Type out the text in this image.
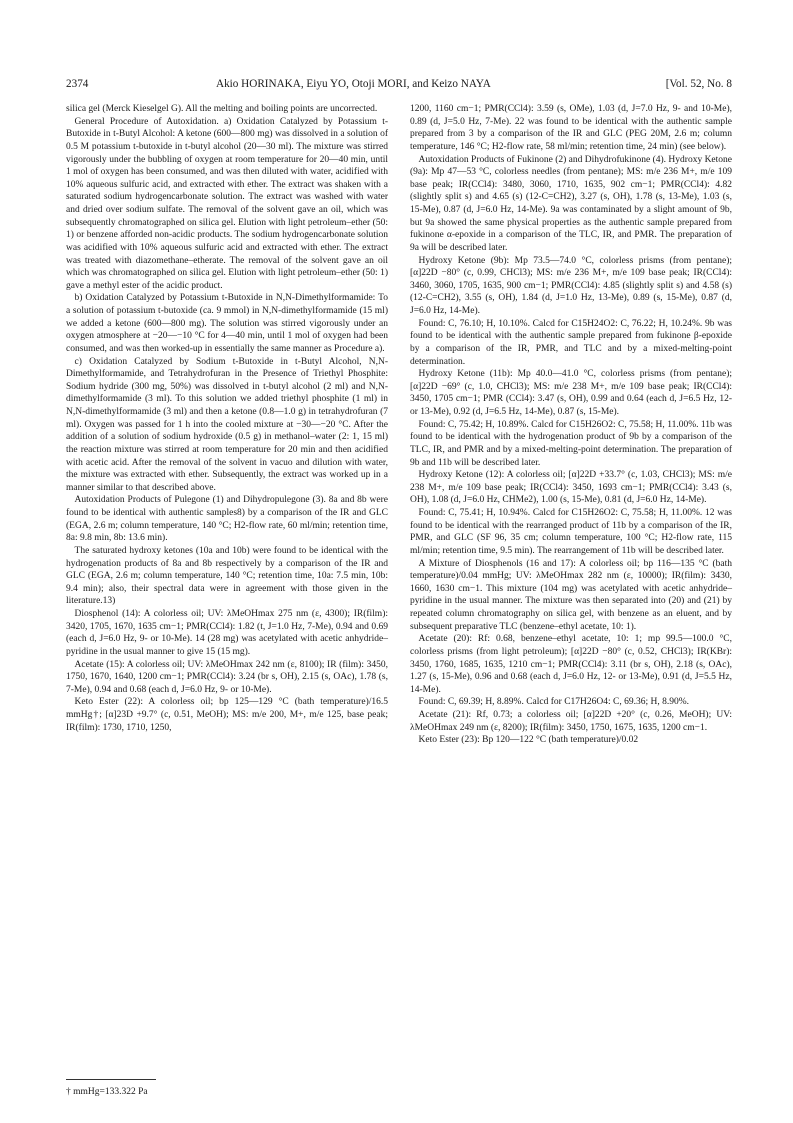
2374	Akio HORINAKA, Eiyu YO, Otoji MORI, and Keizo NAYA	[Vol. 52, No. 8

silica gel (Merck Kieselgel G). All the melting and boiling points are uncorrected.

General Procedure of Autoxidation. a) Oxidation Catalyzed by Potassium t-Butoxide in t-Butyl Alcohol: A ketone (600—800 mg) was dissolved in a solution of 0.5 M potassium t-butoxide in t-butyl alcohol (20—30 ml). The mixture was stirred vigorously under the bubbling of oxygen at room temperature for 20—40 min, until 1 mol of oxygen has been consumed, and was then diluted with water, acidified with 10% aqueous sulfuric acid, and extracted with ether. The extract was shaken with a saturated sodium hydrogencarbonate solution. The extract was washed with water and dried over sodium sulfate. The removal of the solvent gave an oil, which was subsequently chromatographed on silica gel. Elution with light petroleum–ether (50: 1) or benzene afforded non-acidic products. The sodium hydrogencarbonate solution was acidified with 10% aqueous sulfuric acid and extracted with ether. The extract was treated with diazomethane–etherate. The removal of the solvent gave an oil which was chromatographed on silica gel. Elution with light petroleum–ether (50: 1) gave a methyl ester of the acidic product.

b) Oxidation Catalyzed by Potassium t-Butoxide in N,N-Dimethylformamide: To a solution of potassium t-butoxide (ca. 9 mmol) in N,N-dimethylformamide (15 ml) we added a ketone (600—800 mg). The solution was stirred vigorously under an oxygen atmosphere at −20—−10 °C for 4—40 min, until 1 mol of oxygen had been consumed, and was then worked-up in essentially the same manner as Procedure a).

c) Oxidation Catalyzed by Sodium t-Butoxide in t-Butyl Alcohol, N,N-Dimethylformamide, and Tetrahydrofuran in the Presence of Triethyl Phosphite: Sodium hydride (300 mg, 50%) was dissolved in t-butyl alcohol (2 ml) and N,N-dimethylformamide (3 ml). To this solution we added triethyl phosphite (1 ml) in N,N-dimethylformamide (3 ml) and then a ketone (0.8—1.0 g) in tetrahydrofuran (7 ml). Oxygen was passed for 1 h into the cooled mixture at −30—−20 °C. After the addition of a solution of sodium hydroxide (0.5 g) in methanol–water (2: 1, 15 ml) the reaction mixture was stirred at room temperature for 20 min and then acidified with acetic acid. After the removal of the solvent in vacuo and dilution with water, the mixture was extracted with ether. Subsequently, the extract was worked up in a manner similar to that described above.

Autoxidation Products of Pulegone (1) and Dihydropulegone (3). 8a and 8b were found to be identical with authentic samples8) by a comparison of the IR and GLC (EGA, 2.6 m; column temperature, 140 °C; H2-flow rate, 60 ml/min; retention time, 8a: 9.8 min, 8b: 13.6 min).

The saturated hydroxy ketones (10a and 10b) were found to be identical with the hydrogenation products of 8a and 8b respectively by a comparison of the IR and GLC (EGA, 2.6 m; column temperature, 140 °C; retention time, 10a: 7.5 min, 10b: 9.4 min); also, their spectral data were in agreement with those given in the literature.13)

Diosphenol (14): A colorless oil; UV: λMeOHmax 275 nm (ε, 4300); IR(film): 3420, 1705, 1670, 1635 cm−1; PMR(CCl4): 1.82 (t, J=1.0 Hz, 7-Me), 0.94 and 0.69 (each d, J=6.0 Hz, 9- or 10-Me). 14 (28 mg) was acetylated with acetic anhydride–pyridine in the usual manner to give 15 (15 mg).

Acetate (15): A colorless oil; UV: λMeOHmax 242 nm (ε, 8100); IR (film): 3450, 1750, 1670, 1640, 1200 cm−1; PMR(CCl4): 3.24 (br s, OH), 2.15 (s, OAc), 1.78 (s, 7-Me), 0.94 and 0.68 (each d, J=6.0 Hz, 9- or 10-Me).

Keto Ester (22): A colorless oil; bp 125—129 °C (bath temperature)/16.5 mmHg†; [α]23D +9.7° (c, 0.51, MeOH); MS: m/e 200, M+, m/e 125, base peak; IR(film): 1730, 1710, 1250,

1200, 1160 cm−1; PMR(CCl4): 3.59 (s, OMe), 1.03 (d, J=7.0 Hz, 9- and 10-Me), 0.89 (d, J=5.0 Hz, 7-Me). 22 was found to be identical with the authentic sample prepared from 3 by a comparison of the IR and GLC (PEG 20M, 2.6 m; column temperature, 146 °C; H2-flow rate, 58 ml/min; retention time, 24 min) (see below).

Autoxidation Products of Fukinone (2) and Dihydrofukinone (4). Hydroxy Ketone (9a): Mp 47—53 °C, colorless needles (from pentane); MS: m/e 236 M+, m/e 109 base peak; IR(CCl4): 3480, 3060, 1710, 1635, 902 cm−1; PMR(CCl4): 4.82 (slightly split s) and 4.65 (s) (12-C=CH2), 3.27 (s, OH), 1.78 (s, 13-Me), 1.03 (s, 15-Me), 0.87 (d, J=6.0 Hz, 14-Me). 9a was contaminated by a slight amount of 9b, but 9a showed the same physical properties as the authentic sample prepared from fukinone α-epoxide in a comparison of the TLC, IR, and PMR. The preparation of 9a will be described later.

Hydroxy Ketone (9b): Mp 73.5—74.0 °C, colorless prisms (from pentane); [α]22D −80° (c, 0.99, CHCl3); MS: m/e 236 M+, m/e 109 base peak; IR(CCl4): 3460, 3060, 1705, 1635, 900 cm−1; PMR(CCl4): 4.85 (slightly split s) and 4.58 (s) (12-C=CH2), 3.55 (s, OH), 1.84 (d, J=1.0 Hz, 13-Me), 0.89 (s, 15-Me), 0.87 (d, J=6.0 Hz, 14-Me).

Found: C, 76.10; H, 10.10%. Calcd for C15H24O2: C, 76.22; H, 10.24%. 9b was found to be identical with the authentic sample prepared from fukinone β-epoxide by a comparison of the IR, PMR, and TLC and by a mixed-melting-point determination.

Hydroxy Ketone (11b): Mp 40.0—41.0 °C, colorless prisms (from pentane); [α]22D −69° (c, 1.0, CHCl3); MS: m/e 238 M+, m/e 109 base peak; IR(CCl4): 3450, 1705 cm−1; PMR (CCl4): 3.47 (s, OH), 0.99 and 0.64 (each d, J=6.5 Hz, 12- or 13-Me), 0.92 (d, J=6.5 Hz, 14-Me), 0.87 (s, 15-Me).

Found: C, 75.42; H, 10.89%. Calcd for C15H26O2: C, 75.58; H, 11.00%. 11b was found to be identical with the hydrogenation product of 9b by a comparison of the TLC, IR, and PMR and by a mixed-melting-point determination. The preparation of 9b and 11b will be described later.

Hydroxy Ketone (12): A colorless oil; [α]22D +33.7° (c, 1.03, CHCl3); MS: m/e 238 M+, m/e 109 base peak; IR(CCl4): 3450, 1693 cm−1; PMR(CCl4): 3.43 (s, OH), 1.08 (d, J=6.0 Hz, CHMe2), 1.00 (s, 15-Me), 0.81 (d, J=6.0 Hz, 14-Me).

Found: C, 75.41; H, 10.94%. Calcd for C15H26O2: C, 75.58; H, 11.00%. 12 was found to be identical with the rearranged product of 11b by a comparison of the IR, PMR, and GLC (SF 96, 35 cm; column temperature, 100 °C; H2-flow rate, 115 ml/min; retention time, 9.5 min). The rearrangement of 11b will be described later.

A Mixture of Diosphenols (16 and 17): A colorless oil; bp 116—135 °C (bath temperature)/0.04 mmHg; UV: λMeOHmax 282 nm (ε, 10000); IR(film): 3430, 1660, 1630 cm−1. This mixture (104 mg) was acetylated with acetic anhydride–pyridine in the usual manner. The mixture was then separated into (20) and (21) by repeated column chromatography on silica gel, with benzene as an eluent, and by subsequent preparative TLC (benzene–ethyl acetate, 10: 1).

Acetate (20): Rf: 0.68, benzene–ethyl acetate, 10: 1; mp 99.5—100.0 °C, colorless prisms (from light petroleum); [α]22D −80° (c, 0.52, CHCl3); IR(KBr): 3450, 1760, 1685, 1635, 1210 cm−1; PMR(CCl4): 3.11 (br s, OH), 2.18 (s, OAc), 1.27 (s, 15-Me), 0.96 and 0.68 (each d, J=6.0 Hz, 12- or 13-Me), 0.91 (d, J=5.5 Hz, 14-Me).

Found: C, 69.39; H, 8.89%. Calcd for C17H26O4: C, 69.36; H, 8.90%.

Acetate (21): Rf, 0.73; a colorless oil; [α]22D +20° (c, 0.26, MeOH); UV: λMeOHmax 249 nm (ε, 8200); IR(film): 3450, 1750, 1675, 1635, 1200 cm−1.

Keto Ester (23): Bp 120—122 °C (bath temperature)/0.02

† mmHg=133.322 Pa
